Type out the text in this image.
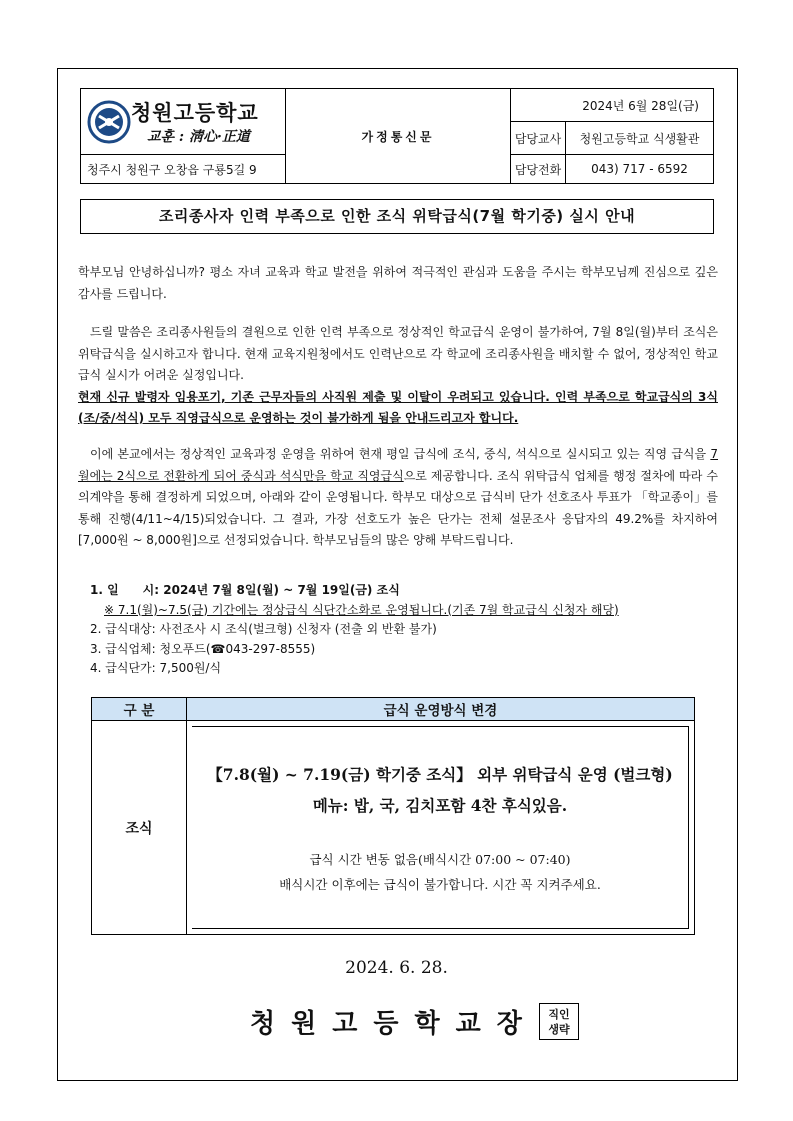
청원고등학교
교훈 : 淸心·正道	가정통신문	2024년 6월 28일(금)	
		담당교사	청원고등학교 식생활관
청주시 청원구 오창읍 구룡5길 9		담당전화	043) 717 - 6592
조리종사자 인력 부족으로 인한 조식 위탁급식(7월 학기중) 실시 안내

학부모님 안녕하십니까? 평소 자녀 교육과 학교 발전을 위하여 적극적인 관심과 도움을 주시는 학부모님께 진심으로 깊은 감사를 드립니다.

드릴 말씀은 조리종사원들의 결원으로 인한 인력 부족으로 정상적인 학교급식 운영이 불가하여, 7월 8일(월)부터 조식은 위탁급식을 실시하고자 합니다. 현재 교육지원청에서도 인력난으로 각 학교에 조리종사원을 배치할 수 없어, 정상적인 학교급식 실시가 어려운 실정입니다.
현재 신규 발령자 임용포기, 기존 근무자들의 사직원 제출 및 이탈이 우려되고 있습니다. 인력 부족으로 학교급식의 3식(조/중/석식) 모두 직영급식으로 운영하는 것이 불가하게 됨을 안내드리고자 합니다.

이에 본교에서는 정상적인 교육과정 운영을 위하여 현재 평일 급식에 조식, 중식, 석식으로 실시되고 있는 직영 급식을 7월에는 2식으로 전환하게 되어 중식과 석식만을 학교 직영급식으로 제공합니다. 조식 위탁급식 업체를 행정 절차에 따라 수의계약을 통해 결정하게 되었으며, 아래와 같이 운영됩니다. 학부모 대상으로 급식비 단가 선호조사 투표가 「학교종이」를 통해 진행(4/11~4/15)되었습니다. 그 결과, 가장 선호도가 높은 단가는 전체 설문조사 응답자의 49.2%를 차지하여 [7,000원 ~ 8,000원]으로 선정되었습니다. 학부모님들의 많은 양해 부탁드립니다.

1. 일　　시: 2024년 7월 8일(월) ~ 7월 19일(금) 조식
※ 7.1(월)~7.5(금) 기간에는 정상급식 식단간소화로 운영됩니다.(기존 7월 학교급식 신청자 해당)
2. 급식대상: 사전조사 시 조식(벌크형) 신청자 (전출 외 반환 불가)
3. 급식업체: 청오푸드(☎043-297-8555)
4. 급식단가: 7,500원/식
구 분	급식 운영방식 변경
조식	【7.8(월) ~ 7.19(금) 학기중 조식】 외부 위탁급식 운영 (벌크형)
메뉴: 밥, 국, 김치포함 4찬 후식있음.
급식 시간 변동 없음(배식시간 07:00 ~ 07:40)
배식시간 이후에는 급식이 불가합니다. 시간 꼭 지켜주세요.
2024. 6. 28.
청원고등학교장 직인
생략
